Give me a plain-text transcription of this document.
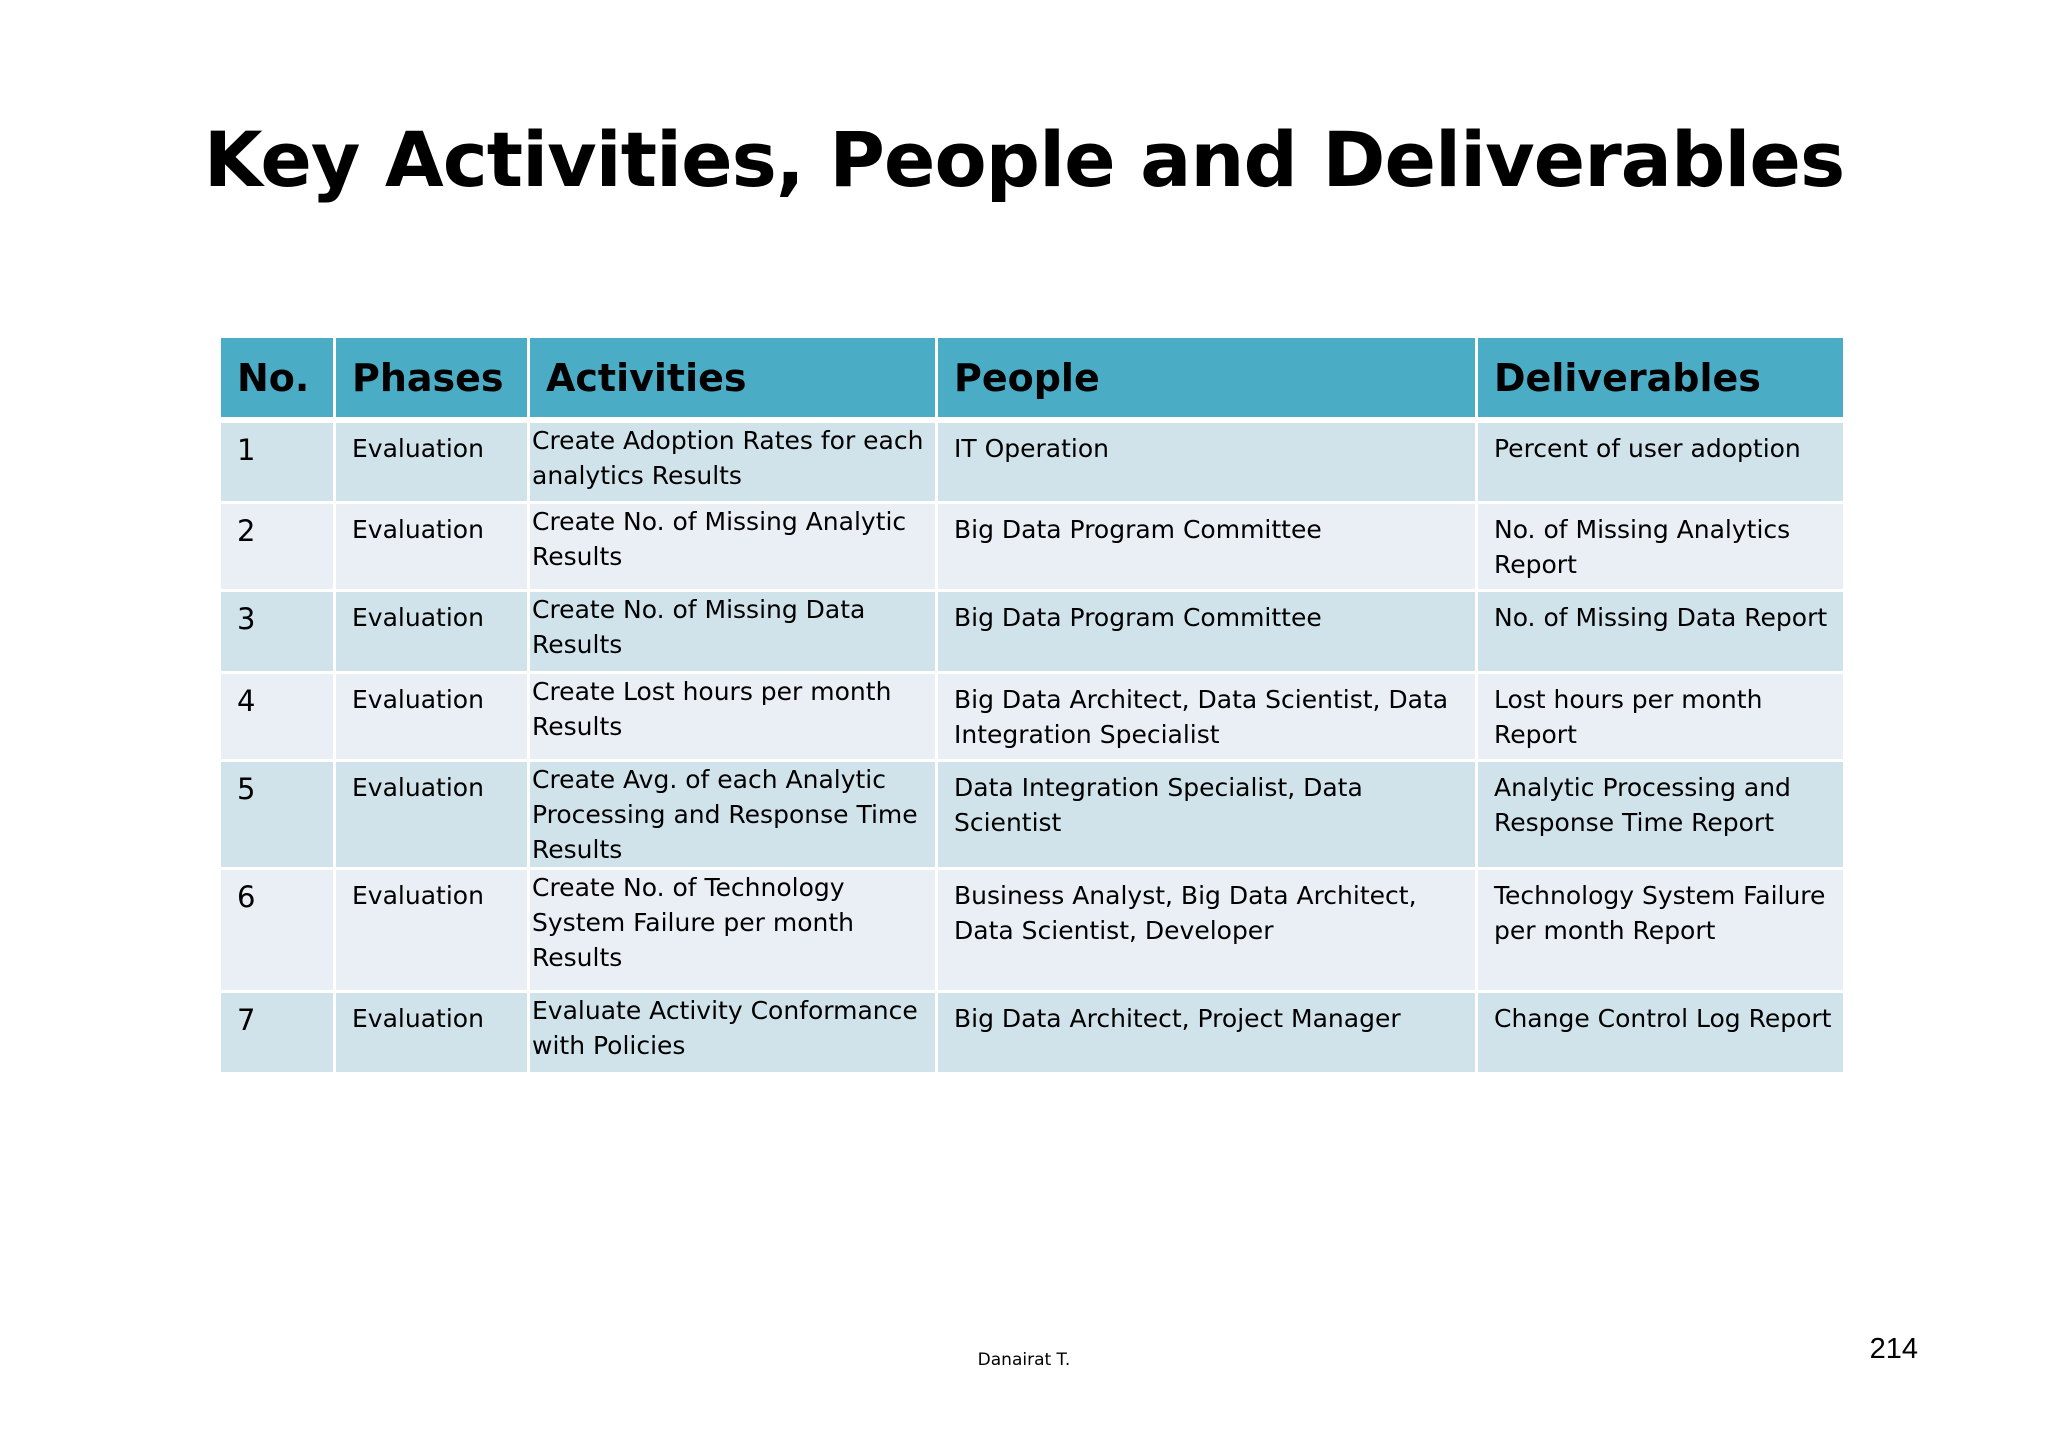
Key Activities, People and Deliverables
No.	Phases	Activities	People	Deliverables
1	Evaluation	Create Adoption Rates for each analytics Results	IT Operation	Percent of user adoption
2	Evaluation	Create No. of Missing Analytic Results	Big Data Program Committee	No. of Missing Analytics Report
3	Evaluation	Create No. of Missing Data Results	Big Data Program Committee	No. of Missing Data Report
4	Evaluation	Create Lost hours per month Results	Big Data Architect, Data Scientist, Data Integration Specialist	Lost hours per month Report
5	Evaluation	Create Avg. of each Analytic Processing and Response Time Results	Data Integration Specialist, Data Scientist	Analytic Processing and Response Time Report
6	Evaluation	Create No. of Technology System Failure per month Results	Business Analyst, Big Data Architect, Data Scientist, Developer	Technology System Failure per month Report
7	Evaluation	Evaluate Activity Conformance with Policies	Big Data Architect, Project Manager	Change Control Log Report
Danairat T.	214
